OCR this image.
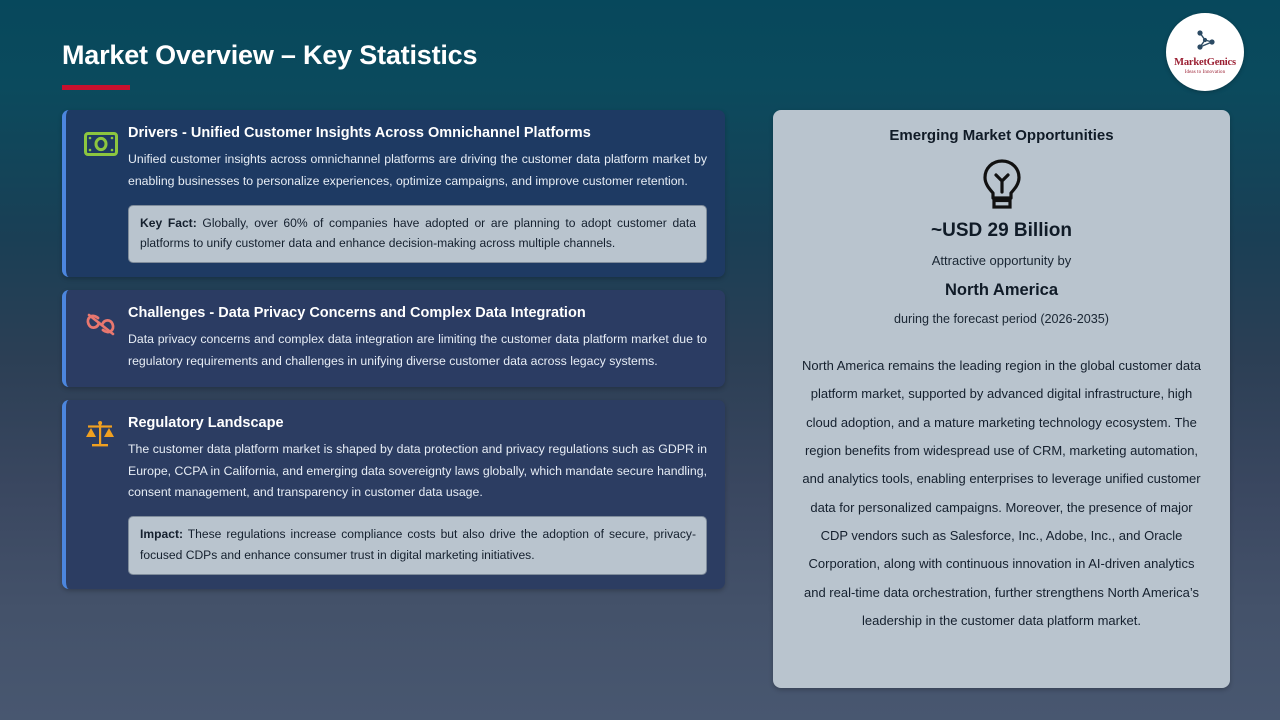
Market Overview – Key Statistics	MarketGenics
Ideas to Innovation
Drivers - Unified Customer Insights Across Omnichannel Platforms
Unified customer insights across omnichannel platforms are driving the customer data platform market by enabling businesses to personalize experiences, optimize campaigns, and improve customer retention.
Key Fact: Globally, over 60% of companies have adopted or are planning to adopt customer data platforms to unify customer data and enhance decision-making across multiple channels.
Challenges - Data Privacy Concerns and Complex Data Integration
Data privacy concerns and complex data integration are limiting the customer data platform market due to regulatory requirements and challenges in unifying diverse customer data across legacy systems.
Regulatory Landscape
The customer data platform market is shaped by data protection and privacy regulations such as GDPR in Europe, CCPA in California, and emerging data sovereignty laws globally, which mandate secure handling, consent management, and transparency in customer data usage.
Impact: These regulations increase compliance costs but also drive the adoption of secure, privacy-focused CDPs and enhance consumer trust in digital marketing initiatives.
Emerging Market Opportunities
~USD 29 Billion
Attractive opportunity by
North America
during the forecast period (2026-2035)
North America remains the leading region in the global customer data platform market, supported by advanced digital infrastructure, high cloud adoption, and a mature marketing technology ecosystem. The region benefits from widespread use of CRM, marketing automation, and analytics tools, enabling enterprises to leverage unified customer data for personalized campaigns. Moreover, the presence of major CDP vendors such as Salesforce, Inc., Adobe, Inc., and Oracle Corporation, along with continuous innovation in AI-driven analytics and real-time data orchestration, further strengthens North America’s leadership in the customer data platform market.
